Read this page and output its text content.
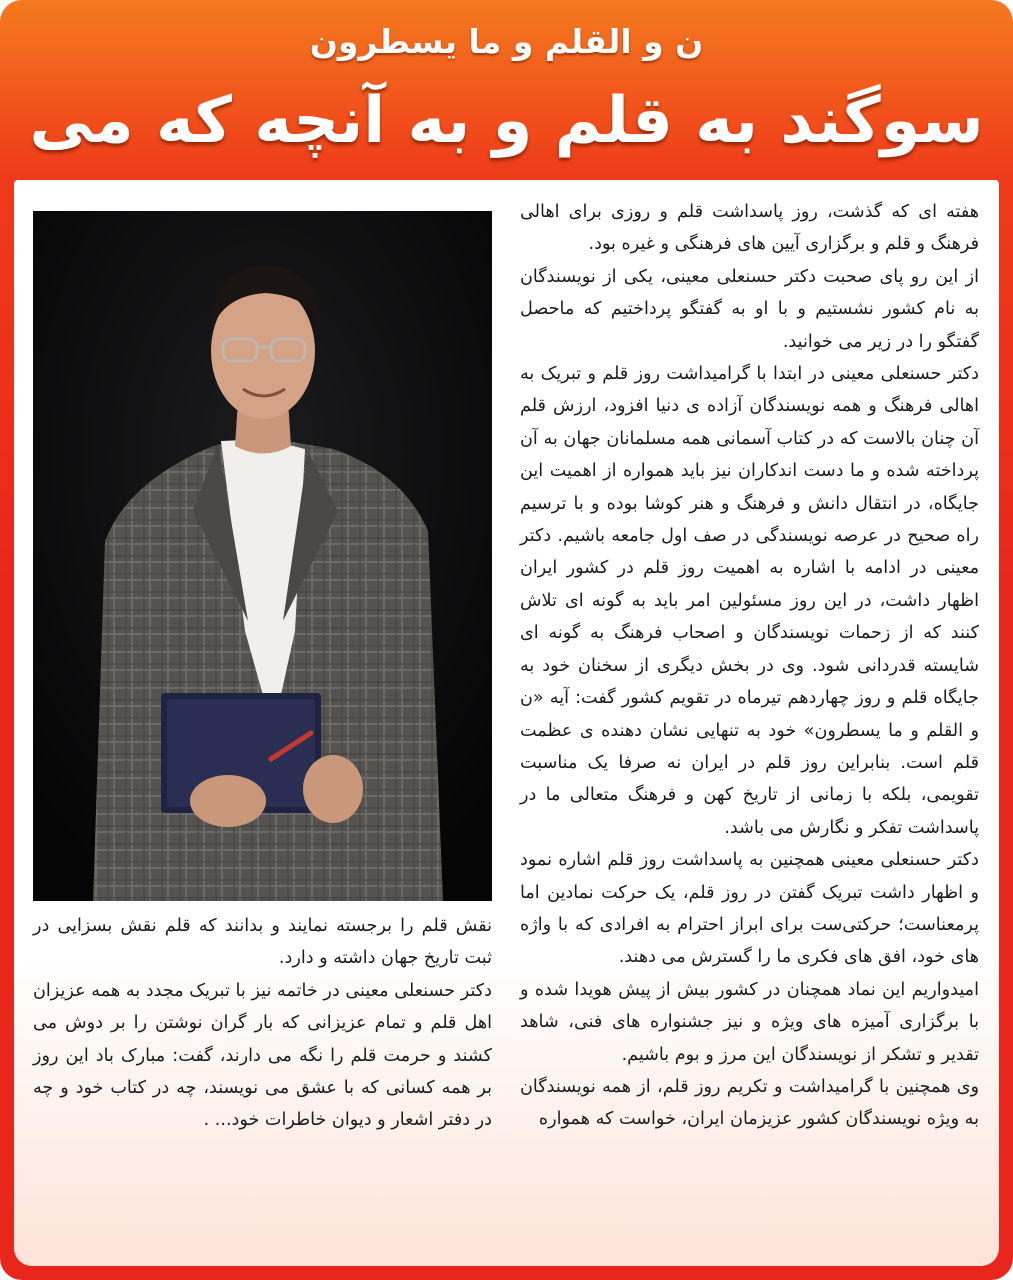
ن و القلم و ما یسطرون
سوگند به قلم و به آنچه که می

هفته ای که گذشت، روز پاسداشت قلم و روزی برای اهالی فرهنگ و قلم و برگزاری آیین های فرهنگی و غیره بود.

از این رو پای صحبت دکتر حسنعلی معینی، یکی از نویسندگان به نام کشور نشستیم و با او به گفتگو پرداختیم که ماحصل گفتگو را در زیر می خوانید.

دکتر حسنعلی معینی در ابتدا با گرامیداشت روز قلم و تبریک به اهالی فرهنگ و همه نویسندگان آزاده ی دنیا افزود، ارزش قلم آن چنان بالاست که در کتاب آسمانی همه مسلمانان جهان به آن پرداخته شده و ما دست اندکاران نیز باید همواره از اهمیت این جایگاه، در انتقال دانش و فرهنگ و هنر کوشا بوده و با ترسیم راه صحیح در عرصه نویسندگی در صف اول جامعه باشیم. دکتر معینی در ادامه با اشاره به اهمیت روز قلم در کشور ایران اظهار داشت، در این روز مسئولین امر باید به گونه ای تلاش کنند که از زحمات نویسندگان و اصحاب فرهنگ به گونه ای شایسته قدردانی شود. وی در بخش دیگری از سخنان خود به جایگاه قلم و روز چهاردهم تیرماه در تقویم کشور گفت: آیه «ن و القلم و ما یسطرون» خود به تنهایی نشان دهنده ی عظمت قلم است. بنابراین روز قلم در ایران نه صرفا یک مناسبت تقویمی، بلکه با زمانی از تاریخ کهن و فرهنگ متعالی ما در پاسداشت تفکر و نگارش می باشد.

دکتر حسنعلی معینی همچنین به پاسداشت روز قلم اشاره نمود و اظهار داشت تبریک گفتن در روز قلم، یک حرکت نمادین اما پرمعناست؛ حرکتی‌ست برای ابراز احترام به افرادی که با واژه های خود، افق های فکری ما را گسترش می دهند.

امیدواریم این نماد همچنان در کشور بیش از پیش هویدا شده و با برگزاری آمیزه های ویژه و نیز جشنواره های فنی، شاهد تقدیر و تشکر از نویسندگان این مرز و بوم باشیم.

وی همچنین با گرامیداشت و تکریم روز قلم، از همه نویسندگان به ویژه نویسندگان کشور عزیزمان ایران، خواست که همواره

نقش قلم را برجسته نمایند و بدانند که قلم نقش بسزایی در ثبت تاریخ جهان داشته و دارد.

دکتر حسنعلی معینی در خاتمه نیز با تبریک مجدد به همه عزیزان اهل قلم و تمام عزیزانی که بار گران نوشتن را بر دوش می کشند و حرمت قلم را نگه می دارند، گفت: مبارک باد این روز بر همه کسانی که با عشق می نویسند، چه در کتاب خود و چه در دفتر اشعار و دیوان خاطرات خود... .
